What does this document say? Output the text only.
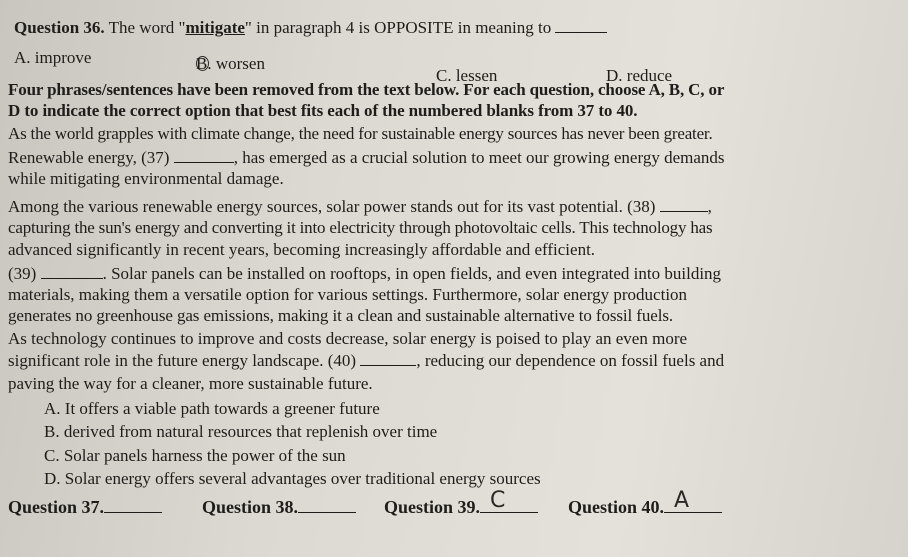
Question 36. The word "mitigate" in paragraph 4 is OPPOSITE in meaning to
A. improve	B. worsen
C. lessen	D. reduce
Four phrases/sentences have been removed from the text below. For each question, choose A, B, C, or
D to indicate the correct option that best fits each of the numbered blanks from 37 to 40.
As the world grapples with climate change, the need for sustainable energy sources has never been greater.
Renewable energy, (37)	, has emerged as a crucial solution to meet our growing energy demands
while mitigating environmental damage.
Among the various renewable energy sources, solar power stands out for its vast potential. (38)	,
capturing the sun's energy and converting it into electricity through photovoltaic cells. This technology has
advanced significantly in recent years, becoming increasingly affordable and efficient.
(39)	. Solar panels can be installed on rooftops, in open fields, and even integrated into building
materials, making them a versatile option for various settings. Furthermore, solar energy production
generates no greenhouse gas emissions, making it a clean and sustainable alternative to fossil fuels.
As technology continues to improve and costs decrease, solar energy is poised to play an even more
significant role in the future energy landscape. (40)	, reducing our dependence on fossil fuels and
paving the way for a cleaner, more sustainable future.
A. It offers a viable path towards a greener future
B. derived from natural resources that replenish over time
C. Solar panels harness the power of the sun
D. Solar energy offers several advantages over traditional energy sources
Question 37.	Question 38.	Question 39. C	Question 40. A
